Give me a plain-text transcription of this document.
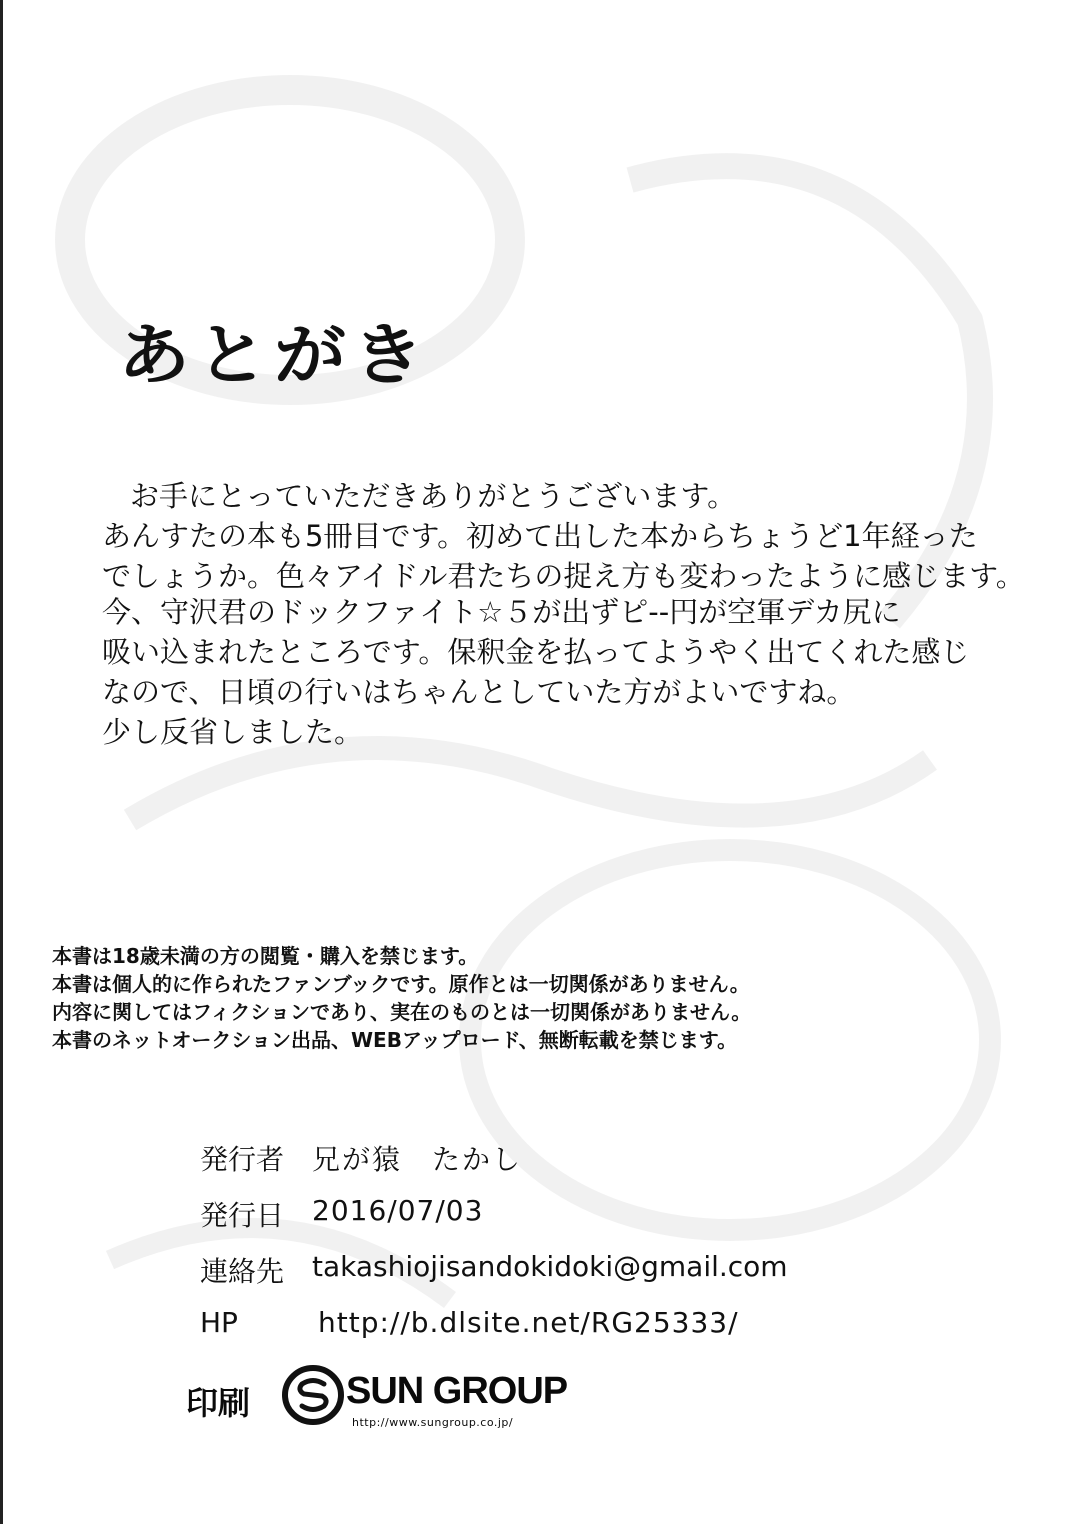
あとがき
お手にとっていただきありがとうございます。
あんすたの本も5冊目です。初めて出した本からちょうど1年経った
でしょうか。色々アイドル君たちの捉え方も変わったように感じます。
今、守沢君のドックファイト☆５が出ずピ--円が空軍デカ尻に
吸い込まれたところです。保釈金を払ってようやく出てくれた感じ
なので、日頃の行いはちゃんとしていた方がよいですね。
少し反省しました。
本書は18歳未満の方の閲覧・購入を禁じます。
本書は個人的に作られたファンブックです。原作とは一切関係がありません。
内容に関してはフィクションであり、実在のものとは一切関係がありません。
本書のネットオークション出品、WEBアップロード、無断転載を禁じます。
発行者 兄が猿　たかし
発行日 2016/07/03
連絡先 takashiojisandokidoki@gmail.com
HP	http://b.dlsite.net/RG25333/
印刷	SUN GROUP
http://www.sungroup.co.jp/
